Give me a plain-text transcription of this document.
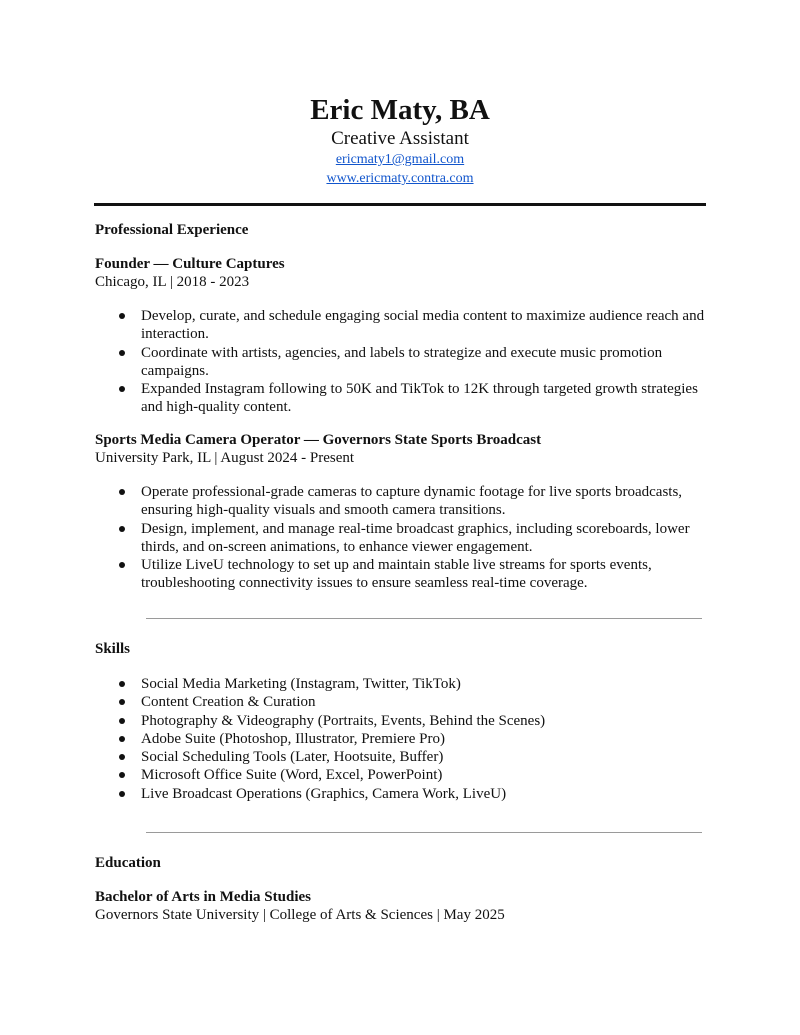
Eric Maty, BA
Creative Assistant
ericmaty1@gmail.com
www.ericmaty.contra.com
Professional Experience
Founder — Culture Captures
Chicago, IL | 2018 - 2023
Develop, curate, and schedule engaging social media content to maximize audience reach and interaction.
Coordinate with artists, agencies, and labels to strategize and execute music promotion campaigns.
Expanded Instagram following to 50K and TikTok to 12K through targeted growth strategies and high-quality content.
Sports Media Camera Operator — Governors State Sports Broadcast
University Park, IL | August 2024 - Present
Operate professional-grade cameras to capture dynamic footage for live sports broadcasts, ensuring high-quality visuals and smooth camera transitions.
Design, implement, and manage real-time broadcast graphics, including scoreboards, lower thirds, and on-screen animations, to enhance viewer engagement.
Utilize LiveU technology to set up and maintain stable live streams for sports events, troubleshooting connectivity issues to ensure seamless real-time coverage.
Skills
Social Media Marketing (Instagram, Twitter, TikTok)
Content Creation & Curation
Photography & Videography (Portraits, Events, Behind the Scenes)
Adobe Suite (Photoshop, Illustrator, Premiere Pro)
Social Scheduling Tools (Later, Hootsuite, Buffer)
Microsoft Office Suite (Word, Excel, PowerPoint)
Live Broadcast Operations (Graphics, Camera Work, LiveU)
Education
Bachelor of Arts in Media Studies
Governors State University | College of Arts & Sciences | May 2025
